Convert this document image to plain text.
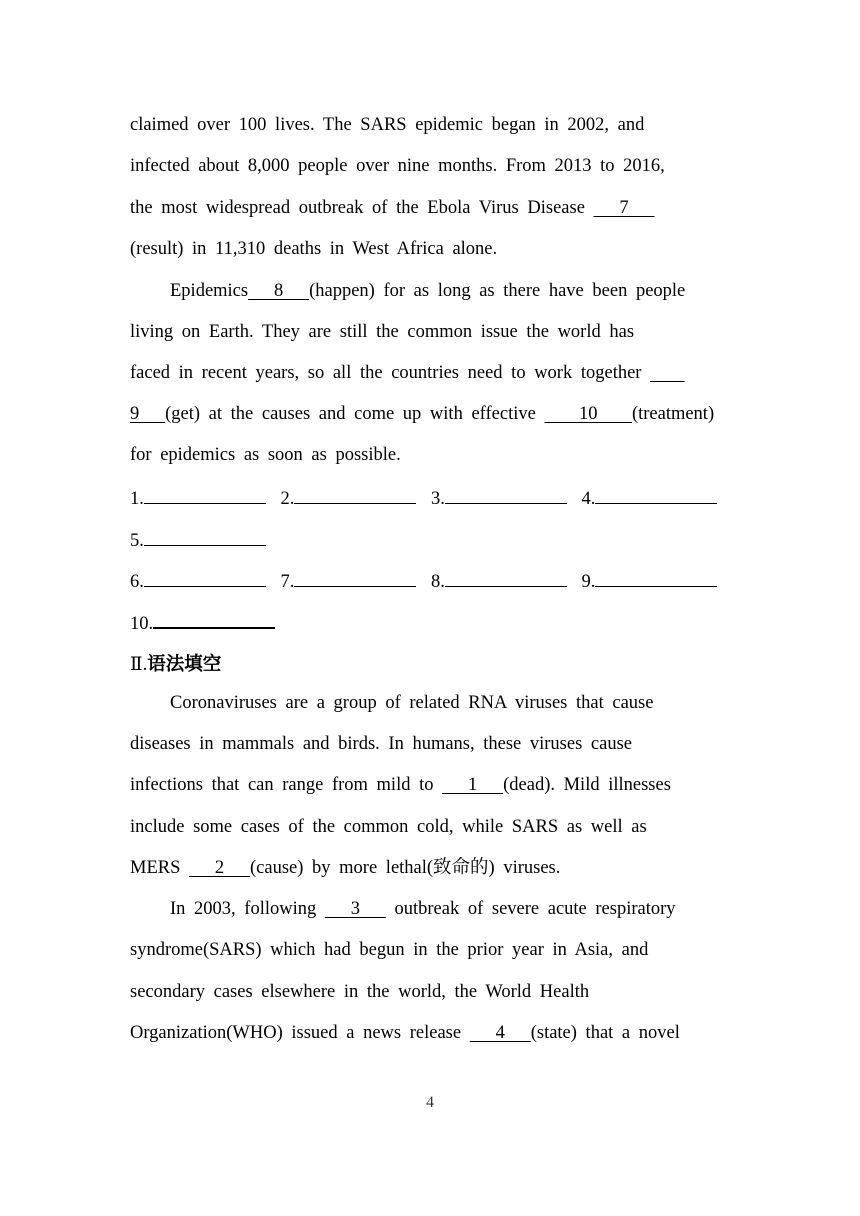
claimed over 100 lives. The SARS epidemic began in 2002, and
infected about 8,000 people over nine months. From 2013 to 2016,
the most widespread outbreak of the Ebola Virus Disease    7
(result) in 11,310 deaths in West Africa alone.
Epidemics   8   (happen) for as long as there have been people
living on Earth. They are still the common issue the world has
faced in recent years, so all the countries need to work together
9   (get) at the causes and come up with effective     10    (treatment)
for epidemics as soon as possible.
1.	2.	3.	4.
5.
6.	7.	8.	9.
10.
Ⅱ.语法填空
Coronaviruses are a group of related RNA viruses that cause
diseases in mammals and birds. In humans, these viruses cause
infections that can range from mild to    1   (dead). Mild illnesses
include some cases of the common cold, while SARS as well as
MERS    2   (cause) by more lethal(致命的) viruses.
In 2003, following    3    outbreak of severe acute respiratory
syndrome(SARS) which had begun in the prior year in Asia, and
secondary cases elsewhere in the world, the World Health
Organization(WHO) issued a news release    4   (state) that a novel
4
